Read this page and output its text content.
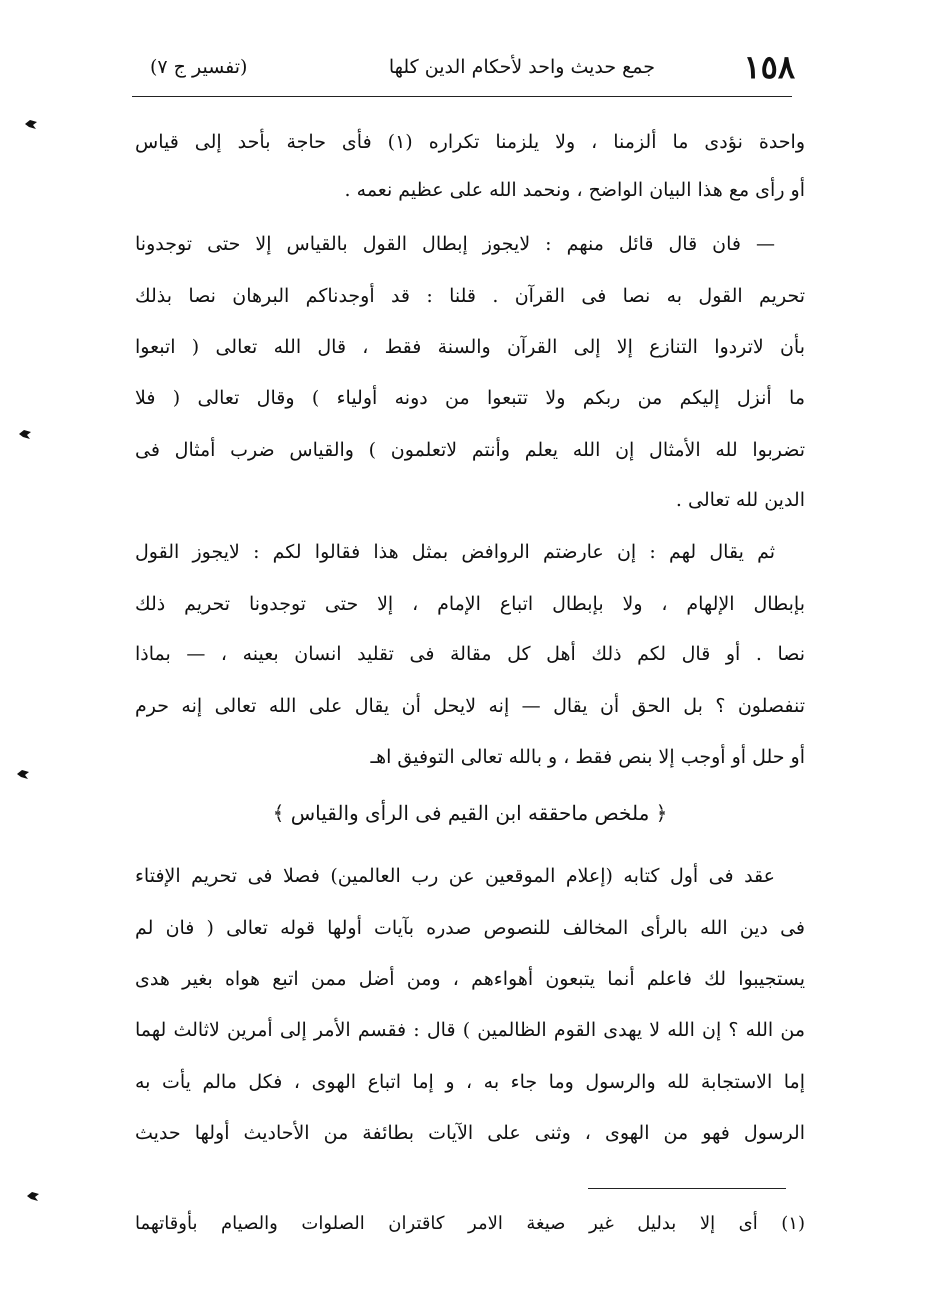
١٥٨
جمع حديث واحد لأحكام الدين كلها
(تفسير ج ٧)
واحدة نؤدى ما ألزمنا ، ولا يلزمنا تكراره (١) فأى حاجة بأحد إلى قياس
أو رأى مع هذا البيان الواضح ، ونحمد الله على عظيم نعمه .
— فان قال قائل منهم : لايجوز إبطال القول بالقياس إلا حتى توجدونا
تحريم القول به نصا فى القرآن . قلنا : قد أوجدناكم البرهان نصا بذلك
بأن لاتردوا التنازع إلا إلى القرآن والسنة فقط ، قال الله تعالى ( اتبعوا
ما أنزل إليكم من ربكم ولا تتبعوا من دونه أولياء ) وقال تعالى ( فلا
تضربوا لله الأمثال إن الله يعلم وأنتم لاتعلمون ) والقياس ضرب أمثال فى
الدين لله تعالى .
ثم يقال لهم : إن عارضتم الروافض بمثل هذا فقالوا لكم : لايجوز القول
بإبطال الإلهام ، ولا بإبطال اتباع الإمام ، إلا حتى توجدونا تحريم ذلك
نصا . أو قال لكم ذلك أهل كل مقالة فى تقليد انسان بعينه ، — بماذا
تنفصلون ؟ بل الحق أن يقال — إنه لايحل أن يقال على الله تعالى إنه حرم
أو حلل أو أوجب إلا بنص فقط ، و بالله تعالى التوفيق اهـ
﴿ ملخص ماحققه ابن القيم فى الرأى والقياس ﴾
عقد فى أول كتابه (إعلام الموقعين عن رب العالمين) فصلا فى تحريم الإفتاء
فى دين الله بالرأى المخالف للنصوص صدره بآيات أولها قوله تعالى ( فان لم
يستجيبوا لك فاعلم أنما يتبعون أهواءهم ، ومن أضل ممن اتبع هواه بغير هدى
من الله ؟ إن الله لا يهدى القوم الظالمين ) قال : فقسم الأمر إلى أمرين لاثالث لهما
إما الاستجابة لله والرسول وما جاء به ، و إما اتباع الهوى ، فكل مالم يأت به
الرسول فهو من الهوى ، وثنى على الآيات بطائفة من الأحاديث أولها حديث
(١) أى إلا بدليل غير صيغة الامر كاقتران الصلوات والصيام بأوقاتهما
